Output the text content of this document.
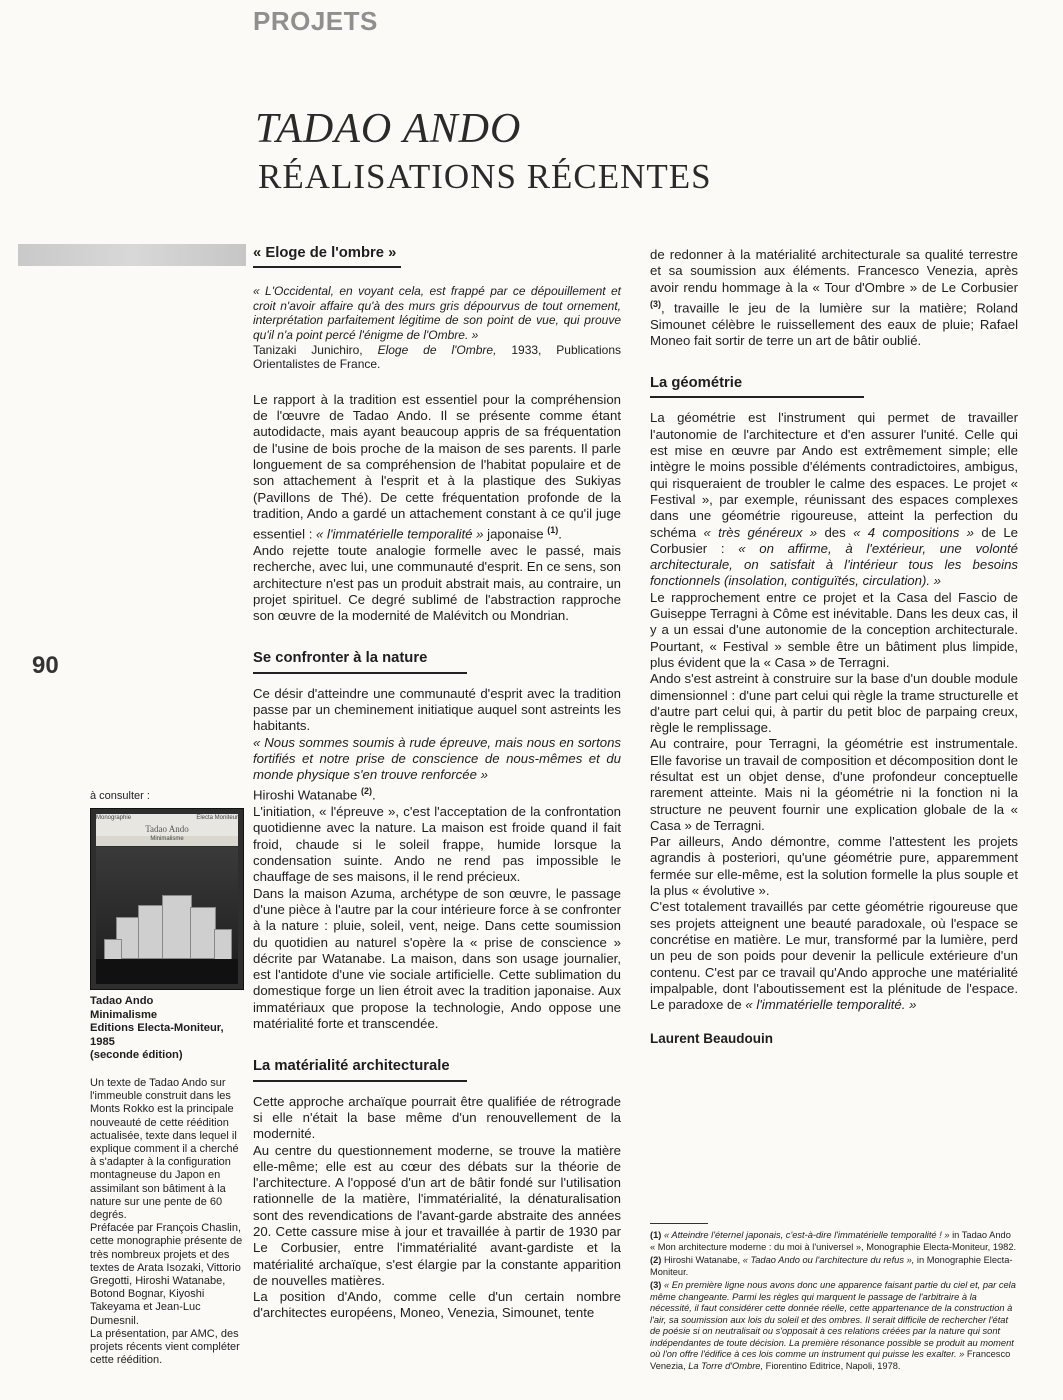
PROJETS
TADAO ANDO
RÉALISATIONS RÉCENTES
90
à consulter :
Monographie	Electa Moniteur
Tadao Ando
Minimalisme
Tadao Ando
Minimalisme
Editions Electa-Moniteur,
1985
(seconde édition)

Un texte de Tadao Ando sur l'immeuble construit dans les Monts Rokko est la principale nouveauté de cette réédition actualisée, texte dans lequel il explique comment il a cherché à s'adapter à la configuration montagneuse du Japon en assimilant son bâtiment à la nature sur une pente de 60 degrés.

Préfacée par François Chaslin, cette monographie présente de très nombreux projets et des textes de Arata Isozaki, Vittorio Gregotti, Hiroshi Watanabe, Botond Bognar, Kiyoshi Takeyama et Jean-Luc Dumesnil.

La présentation, par AMC, des projets récents vient compléter cette réédition.

« Eloge de l'ombre »

« L'Occidental, en voyant cela, est frappé par ce dépouillement et croit n'avoir affaire qu'à des murs gris dépourvus de tout ornement, interprétation parfaitement légitime de son point de vue, qui prouve qu'il n'a point percé l'énigme de l'Ombre. »

Tanizaki Junichiro, Eloge de l'Ombre, 1933, Publications Orientalistes de France.

Le rapport à la tradition est essentiel pour la compréhension de l'œuvre de Tadao Ando. Il se présente comme étant autodidacte, mais ayant beaucoup appris de sa fréquentation de l'usine de bois proche de la maison de ses parents. Il parle longuement de sa compréhension de l'habitat populaire et de son attachement à l'esprit et à la plastique des Sukiyas (Pavillons de Thé). De cette fréquentation profonde de la tradition, Ando a gardé un attachement constant à ce qu'il juge essentiel : « l'immatérielle temporalité » japonaise $^{(1)}$.

Ando rejette toute analogie formelle avec le passé, mais recherche, avec lui, une communauté d'esprit. En ce sens, son architecture n'est pas un produit abstrait mais, au contraire, un projet spirituel. Ce degré sublimé de l'abstraction rapproche son œuvre de la modernité de Malévitch ou Mondrian.

Se confronter à la nature

Ce désir d'atteindre une communauté d'esprit avec la tradition passe par un cheminement initiatique auquel sont astreints les habitants.

« Nous sommes soumis à rude épreuve, mais nous en sortons fortifiés et notre prise de conscience de nous-mêmes et du monde physique s'en trouve renforcée »
Hiroshi Watanabe $^{(2)}$.

L'initiation, « l'épreuve », c'est l'acceptation de la confrontation quotidienne avec la nature. La maison est froide quand il fait froid, chaude si le soleil frappe, humide lorsque la condensation suinte. Ando ne rend pas impossible le chauffage de ses maisons, il le rend précieux.

Dans la maison Azuma, archétype de son œuvre, le passage d'une pièce à l'autre par la cour intérieure force à se confronter à la nature : pluie, soleil, vent, neige. Dans cette soumission du quotidien au naturel s'opère la « prise de conscience » décrite par Watanabe. La maison, dans son usage journalier, est l'antidote d'une vie sociale artificielle. Cette sublimation du domestique forge un lien étroit avec la tradition japonaise. Aux immatériaux que propose la technologie, Ando oppose une matérialité forte et transcendée.

La matérialité architecturale

Cette approche archaïque pourrait être qualifiée de rétrograde si elle n'était la base même d'un renouvellement de la modernité.

Au centre du questionnement moderne, se trouve la matière elle-même; elle est au cœur des débats sur la théorie de l'architecture. A l'opposé d'un art de bâtir fondé sur l'utilisation rationnelle de la matière, l'immatérialité, la dénaturalisation sont des revendications de l'avant-garde abstraite des années 20. Cette cassure mise à jour et travaillée à partir de 1930 par Le Corbusier, entre l'immatérialité avant-gardiste et la matérialité archaïque, s'est élargie par la constante apparition de nouvelles matières.

La position d'Ando, comme celle d'un certain nombre d'architectes européens, Moneo, Venezia, Simounet, tente

de redonner à la matérialité architecturale sa qualité terrestre et sa soumission aux éléments. Francesco Venezia, après avoir rendu hommage à la « Tour d'Ombre » de Le Corbusier $^{(3)}$, travaille le jeu de la lumière sur la matière; Roland Simounet célèbre le ruissellement des eaux de pluie; Rafael Moneo fait sortir de terre un art de bâtir oublié.

La géométrie

La géométrie est l'instrument qui permet de travailler l'autonomie de l'architecture et d'en assurer l'unité. Celle qui est mise en œuvre par Ando est extrêmement simple; elle intègre le moins possible d'éléments contradictoires, ambigus, qui risqueraient de troubler le calme des espaces. Le projet « Festival », par exemple, réunissant des espaces complexes dans une géométrie rigoureuse, atteint la perfection du schéma « très généreux » des « 4 compositions » de Le Corbusier : « on affirme, à l'extérieur, une volonté architecturale, on satisfait à l'intérieur tous les besoins fonctionnels (insolation, contiguïtés, circulation). »

Le rapprochement entre ce projet et la Casa del Fascio de Guiseppe Terragni à Côme est inévitable. Dans les deux cas, il y a un essai d'une autonomie de la conception architecturale. Pourtant, « Festival » semble être un bâtiment plus limpide, plus évident que la « Casa » de Terragni.

Ando s'est astreint à construire sur la base d'un double module dimensionnel : d'une part celui qui règle la trame structurelle et d'autre part celui qui, à partir du petit bloc de parpaing creux, règle le remplissage.

Au contraire, pour Terragni, la géométrie est instrumentale. Elle favorise un travail de composition et décomposition dont le résultat est un objet dense, d'une profondeur conceptuelle rarement atteinte. Mais ni la géométrie ni la fonction ni la structure ne peuvent fournir une explication globale de la « Casa » de Terragni.

Par ailleurs, Ando démontre, comme l'attestent les projets agrandis à posteriori, qu'une géométrie pure, apparemment fermée sur elle-même, est la solution formelle la plus souple et la plus « évolutive ».

C'est totalement travaillés par cette géométrie rigoureuse que ses projets atteignent une beauté paradoxale, où l'espace se concrétise en matière. Le mur, transformé par la lumière, perd un peu de son poids pour devenir la pellicule extérieure d'un contenu. C'est par ce travail qu'Ando approche une matérialité impalpable, dont l'aboutissement est la plénitude de l'espace. Le paradoxe de « l'immatérielle temporalité. »

Laurent Beaudouin

(1) « Atteindre l'éternel japonais, c'est-à-dire l'immatérielle temporalité ! » in Tadao Ando « Mon architecture moderne : du moi à l'universel », Monographie Electa-Moniteur, 1982.

(2) Hiroshi Watanabe, « Tadao Ando ou l'architecture du refus », in Monographie Electa-Moniteur.

(3) « En première ligne nous avons donc une apparence faisant partie du ciel et, par cela même changeante. Parmi les règles qui marquent le passage de l'arbitraire à la nécessité, il faut considérer cette donnée réelle, cette appartenance de la construction à l'air, sa soumission aux lois du soleil et des ombres. Il serait difficile de rechercher l'état de poésie si on neutralisait ou s'opposait à ces relations créées par la nature qui sont indépendantes de toute décision. La première résonance possible se produit au moment où l'on offre l'édifice à ces lois comme un instrument qui puisse les exalter. » Francesco Venezia, La Torre d'Ombre, Fiorentino Editrice, Napoli, 1978.
